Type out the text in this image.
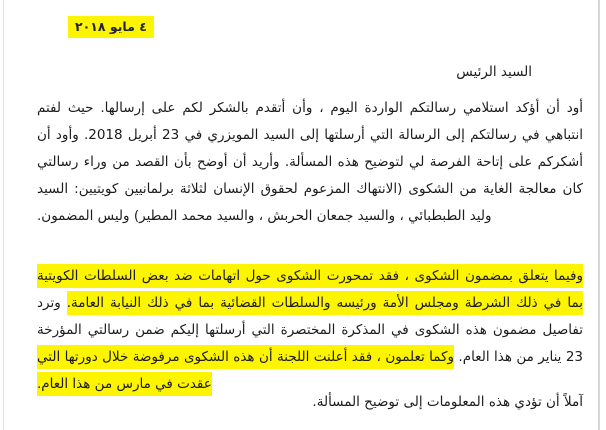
٤ مايو ٢٠١٨
السيد الرئيس
أود أن أؤكد استلامي رسالتكم الواردة اليوم ، وأن أتقدم بالشكر لكم على إرسالها. حيث لفتم انتباهي في رسالتكم إلى الرسالة التي أرسلتها إلى السيد المويزري في 23 أبريل 2018. وأود أن أشكركم على إتاحة الفرصة لي لتوضيح هذه المسألة. وأريد أن أوضح بأن القصد من وراء رسالتي كان معالجة الغاية من الشكوى (الانتهاك المزعوم لحقوق الإنسان لثلاثة برلمانيين كويتيين: السيد وليد الطبطبائي ، والسيد جمعان الحربش ، والسيد محمد المطير) وليس المضمون.
وفيما يتعلق بمضمون الشكوى ، فقد تمحورت الشكوى حول اتهامات ضد بعض السلطات الكويتية بما في ذلك الشرطة ومجلس الأمة ورئيسه والسلطات القضائية بما في ذلك النيابة العامة. وترد تفاصيل مضمون هذه الشكوى في المذكرة المختصرة التي أرسلتها إليكم ضمن رسالتي المؤرخة 23 يناير من هذا العام. وكما تعلمون ، فقد أعلنت اللجنة أن هذه الشكوى مرفوضة خلال دورتها التي عقدت في مارس من هذا العام.
آملاً أن تؤدي هذه المعلومات إلى توضيح المسألة.
